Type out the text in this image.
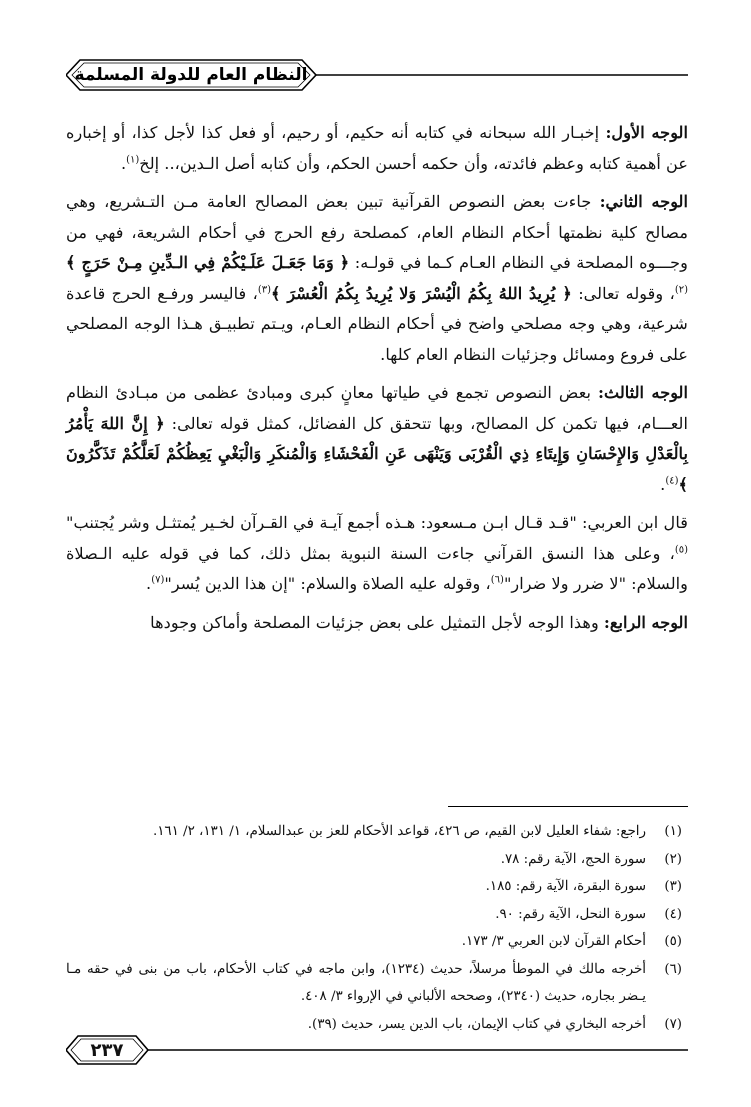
النظام العام للدولة المسلمة

الوجه الأول: إخبـار الله سبحانه في كتابه أنه حكيم، أو رحيم، أو فعل كذا لأجل كذا، أو إخباره عن أهمية كتابه وعظم فائدته، وأن حكمه أحسن الحكم، وأن كتابه أصل الـدين،.. إلخ$^{(١)}$.

الوجه الثاني: جاءت بعض النصوص القرآنية تبين بعض المصالح العامة مـن التـشريع، وهي مصالح كلية نظمتها أحكام النظام العام، كمصلحة رفع الحرج في أحكام الشريعة، فهي من وجـــوه المصلحة في النظام العـام كـما في قولـه: ﴿ وَمَا جَعَـلَ عَلَـيْكُمْ فِي الـدِّينِ مِـنْ حَرَجٍ ﴾$^{(٢)}$، وقوله تعالى: ﴿ يُرِيدُ اللهُ بِكُمُ الْيُسْرَ وَلا يُرِيدُ بِكُمُ الْعُسْرَ ﴾$^{(٣)}$، فاليسر ورفـع الحرج قاعدة شرعية، وهي وجه مصلحي واضح في أحكام النظام العـام، ويـتم تطبيـق هـذا الوجه المصلحي على فروع ومسائل وجزئيات النظام العام كلها.

الوجه الثالث: بعض النصوص تجمع في طياتها معانٍ كبرى ومبادئ عظمى من مبـادئ النظام العـــام، فيها تكمن كل المصالح، وبها تتحقق كل الفضائل، كمثل قوله تعالى: ﴿ إِنَّ اللهَ يَأْمُرُ بِالْعَدْلِ وَالإِحْسَانِ وَإِيتَاءِ ذِي الْقُرْبَى وَيَنْهَى عَنِ الْفَحْشَاءِ وَالْمُنكَرِ وَالْبَغْيِ يَعِظُكُمْ لَعَلَّكُمْ تَذَكَّرُونَ ﴾$^{(٤)}$.

قال ابن العربي: "قـد قـال ابـن مـسعود: هـذه أجمع آيـة في القـرآن لخـير يُمتثـل وشر يُجتنب"$^{(٥)}$، وعلى هذا النسق القرآني جاءت السنة النبوية بمثل ذلك، كما في قوله عليه الـصلاة والسلام: "لا ضرر ولا ضرار"$^{(٦)}$، وقوله عليه الصلاة والسلام: "إن هذا الدين يُسر"$^{(٧)}$.

الوجه الرابع: وهذا الوجه لأجل التمثيل على بعض جزئيات المصلحة وأماكن وجودها

(١)
راجع: شفاء العليل لابن القيم، ص ٤٢٦، قواعد الأحكام للعز بن عبدالسلام، ١/ ١٣١، ٢/ ١٦١.
(٢)
سورة الحج، الآية رقم: ٧٨.
(٣)
سورة البقرة، الآية رقم: ١٨٥.
(٤)
سورة النحل، الآية رقم: ٩٠.
(٥)
أحكام القرآن لابن العربي ٣/ ١٧٣.
(٦)
أخرجه مالك في الموطأ مرسلاً، حديث (١٢٣٤)، وابن ماجه في كتاب الأحكام، باب من بنى في حقه مـا يـضر بجاره، حديث (٢٣٤٠)، وصححه الألباني في الإرواء ٣/ ٤٠٨.
(٧)
أخرجه البخاري في كتاب الإيمان، باب الدين يسر، حديث (٣٩).
٢٣٧
